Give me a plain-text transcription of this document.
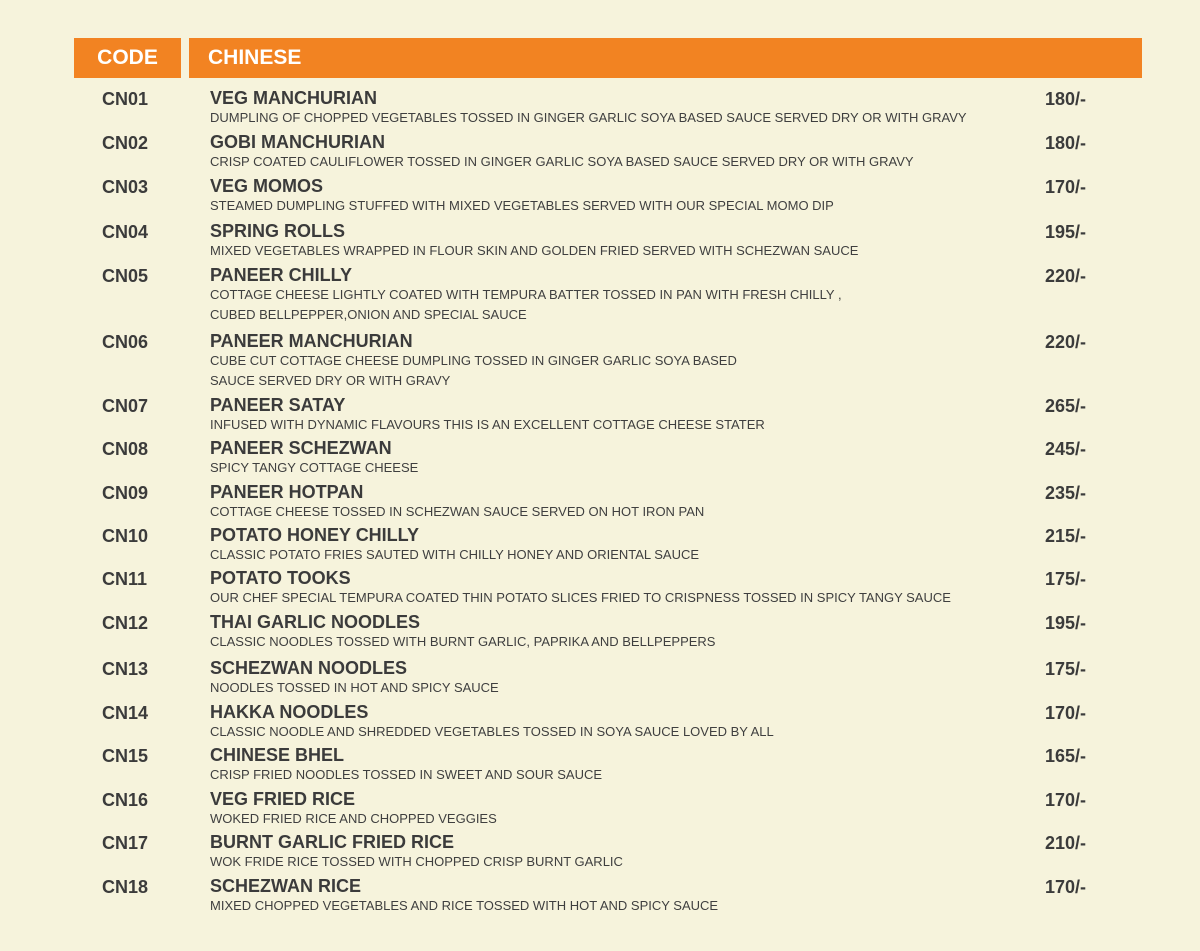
CODE	CHINESE
CN01	VEG MANCHURIAN
DUMPLING OF CHOPPED VEGETABLES TOSSED IN GINGER GARLIC SOYA BASED SAUCE SERVED DRY OR WITH GRAVY
180/-
CN02	GOBI MANCHURIAN
CRISP COATED CAULIFLOWER TOSSED IN GINGER GARLIC SOYA BASED SAUCE SERVED DRY OR WITH GRAVY
180/-
CN03	VEG MOMOS
STEAMED DUMPLING STUFFED WITH MIXED VEGETABLES SERVED WITH OUR SPECIAL MOMO DIP
170/-
CN04	SPRING ROLLS
MIXED VEGETABLES WRAPPED IN FLOUR SKIN AND GOLDEN FRIED SERVED WITH SCHEZWAN SAUCE
195/-
CN05	PANEER CHILLY
COTTAGE CHEESE LIGHTLY COATED WITH TEMPURA BATTER TOSSED IN PAN WITH FRESH CHILLY ,
CUBED BELLPEPPER,ONION AND SPECIAL SAUCE
220/-
CN06	PANEER MANCHURIAN
CUBE CUT COTTAGE CHEESE DUMPLING TOSSED IN GINGER GARLIC SOYA BASED
SAUCE SERVED DRY OR WITH GRAVY
220/-
CN07	PANEER SATAY
INFUSED WITH DYNAMIC FLAVOURS THIS IS AN EXCELLENT COTTAGE CHEESE STATER
265/-
CN08	PANEER SCHEZWAN
SPICY TANGY COTTAGE CHEESE
245/-
CN09	PANEER HOTPAN
COTTAGE CHEESE TOSSED IN SCHEZWAN SAUCE SERVED ON HOT IRON PAN
235/-
CN10	POTATO HONEY CHILLY
CLASSIC POTATO FRIES SAUTED WITH CHILLY HONEY AND ORIENTAL SAUCE
215/-
CN11	POTATO TOOKS
OUR CHEF SPECIAL TEMPURA COATED THIN POTATO SLICES FRIED TO CRISPNESS TOSSED IN SPICY TANGY SAUCE
175/-
CN12	THAI GARLIC NOODLES
CLASSIC NOODLES TOSSED WITH BURNT GARLIC, PAPRIKA AND BELLPEPPERS
195/-
CN13	SCHEZWAN NOODLES
NOODLES TOSSED IN HOT AND SPICY SAUCE
175/-
CN14	HAKKA NOODLES
CLASSIC NOODLE AND SHREDDED VEGETABLES TOSSED IN SOYA SAUCE LOVED BY ALL
170/-
CN15	CHINESE BHEL
CRISP FRIED NOODLES TOSSED IN SWEET AND SOUR SAUCE
165/-
CN16	VEG FRIED RICE
WOKED FRIED RICE AND CHOPPED VEGGIES
170/-
CN17	BURNT GARLIC FRIED RICE
WOK FRIDE RICE TOSSED WITH CHOPPED CRISP BURNT GARLIC
210/-
CN18	SCHEZWAN RICE
MIXED CHOPPED VEGETABLES AND RICE TOSSED WITH HOT AND SPICY SAUCE
170/-
